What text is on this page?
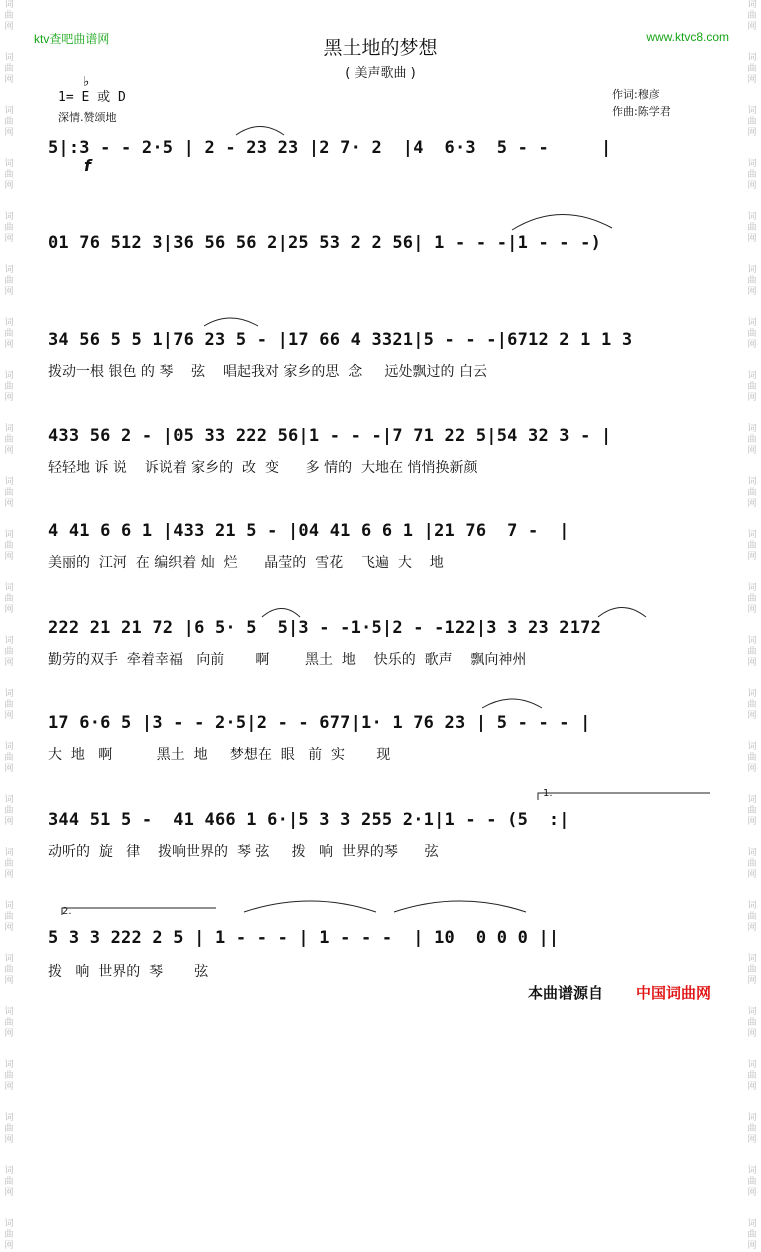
词
曲
网
词
曲
网
词
曲
网
词
曲
网
词
曲
网
词
曲
网
词
曲
网
词
曲
网
词
曲
网
词
曲
网
词
曲
网
词
曲
网
词
曲
网
词
曲
网
词
曲
网
词
曲
网
词
曲
网
词
曲
网
词
曲
网
词
曲
网
词
曲
网
词
曲
网
词
曲
网
词
曲
网
词
曲
网
词
曲
网
词
曲
网
词
曲
网
词
曲
网
词
曲
网
词
曲
网
词
曲
网
词
曲
网
词
曲
网
词
曲
网
词
曲
网
词
曲
网
词
曲
网
词
曲
网
词
曲
网
词
曲
网
词
曲
网
词
曲
网
词
曲
网
词
曲
网
词
曲
网
词
曲
网
词
曲
网
ktv查吧曲谱网	www.ktvc8.com
黑土地的梦想
( 美声歌曲 )
1= E 或 D
♭
深情.赞颂地
作词:穆彦
作曲:陈学君
5|:3 - - 2·5 | 2 - 23 23 |2 7· 2  |4  6·3  5 - -     |
f
01 76 512 3|36 56 56 2|25 53 2 2 56| 1 - - -|1 - - -)
34 56 5 5 1|76 23 5 - |17 66 4 3321|5 - - -|6712 2 1 1 3
拨动一根 银色 的 琴    弦    唱起我对 家乡的思  念     远处飘过的 白云
433 56 2 - |05 33 222 56|1 - - -|7 71 22 5|54 32 3 - |
轻轻地 诉 说    诉说着 家乡的  改  变      多 情的  大地在 悄悄换新颜
4 41 6 6 1 |433 21 5 - |04 41 6 6 1 |21 76  7 -  |
美丽的  江河  在 编织着 灿  烂      晶莹的  雪花    飞遍  大    地
222 21 21 72 |6 5· 5  5|3 - -1·5|2 - -122|3 3 23 2172
勤劳的双手  牵着幸福   向前       啊        黑土  地    快乐的  歌声    飘向神州
17 6·6 5 |3 - - 2·5|2 - - 677|1· 1 76 23 | 5 - - - |
大  地   啊          黑土  地     梦想在  眼   前  实       现
344 51 5 -  41 466 1 6·|5 3 3 255 2·1|1 - - (5  :|
动听的  旋   律    拨响世界的  琴 弦     拨   响  世界的琴      弦
1.
5 3 3 222 2 5 | 1 - - - | 1 - - -  | 10  0 0 0 ||
拨   响  世界的  琴       弦
2.
本曲谱源自 中国词曲网
